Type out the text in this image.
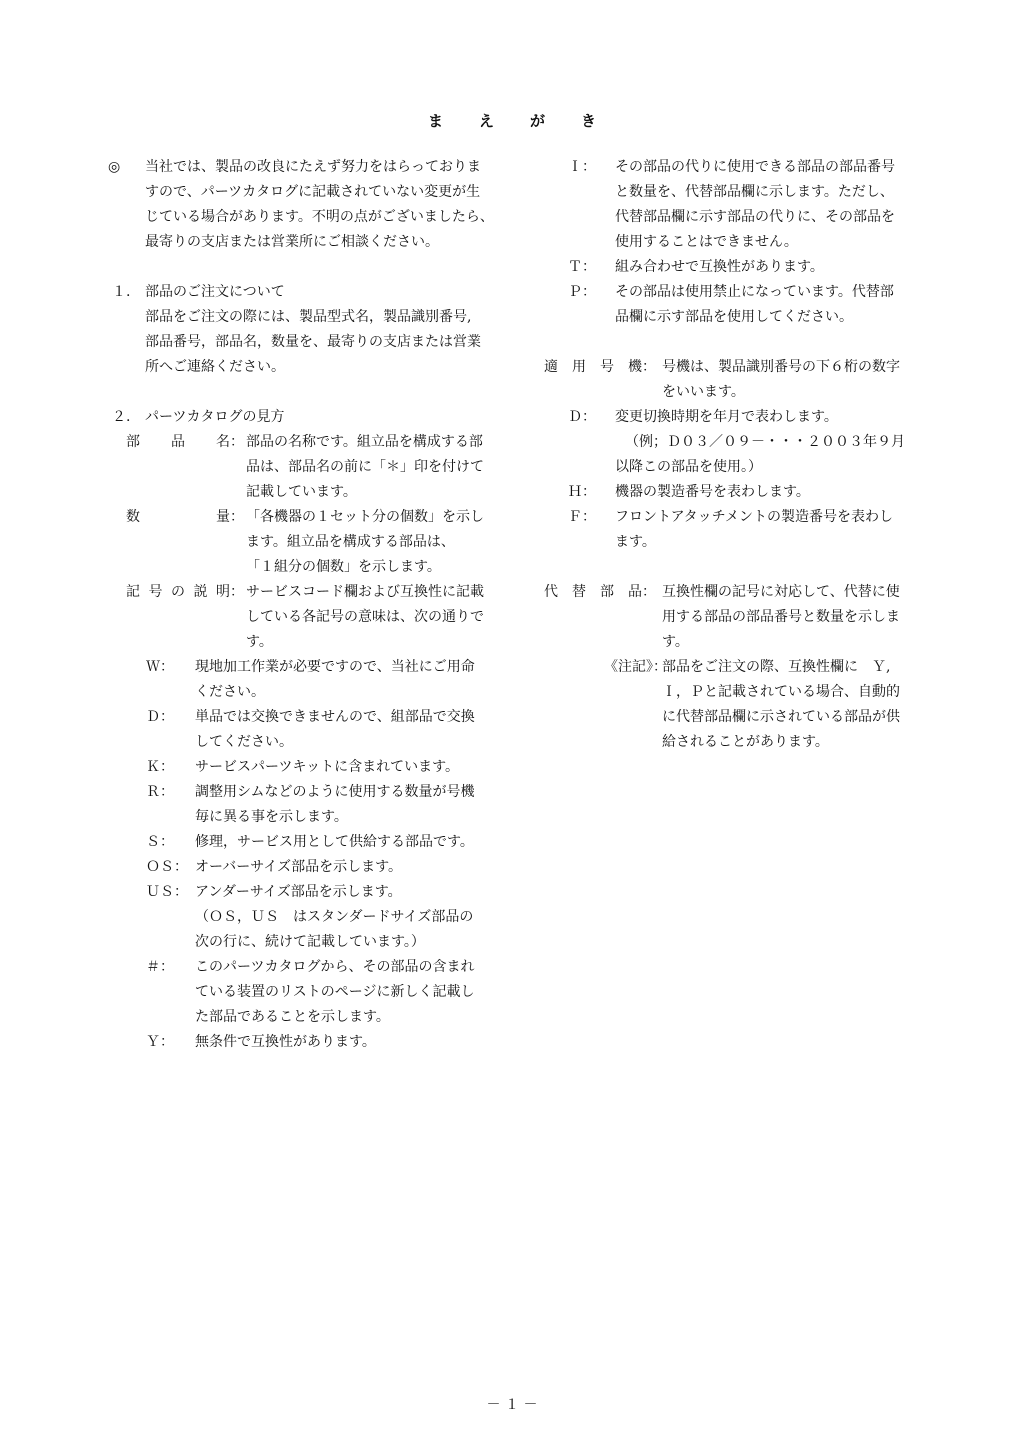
ま え が き
◎	当社では、製品の改良にたえず努力をはらっておりま
すので、パーツカタログに記載されていない変更が生
じている場合があります。不明の点がございましたら、
最寄りの支店または営業所にご相談ください。
１.	部品のご注文について
部品をご注文の際には、製品型式名，製品識別番号,
部品番号，部品名，数量を、最寄りの支店または営業
所へご連絡ください。
２.	パーツカタログの見方
部 品 名： 部品の名称です。組立品を構成する部
品は、部品名の前に「＊」印を付けて
記載しています。
数	量： 「各機器の１セット分の個数」を示し
ます。組立品を構成する部品は、
「１組分の個数」を示します。
記 号 の 説 明： サービスコード欄および互換性に記載
している各記号の意味は、次の通りで
す。
Ｗ：	現地加工作業が必要ですので、当社にご用命
ください。
Ｄ：	単品では交換できませんので、組部品で交換
してください。
Ｋ：	サービスパーツキットに含まれています。
Ｒ：	調整用シムなどのように使用する数量が号機
毎に異る事を示します。
Ｓ：	修理，サービス用として供給する部品です。
ＯＳ： オーバーサイズ部品を示します。
ＵＳ： アンダーサイズ部品を示します。
（ＯＳ，ＵＳ　はスタンダードサイズ部品の
次の行に、続けて記載しています。）
＃：	このパーツカタログから、その部品の含まれ
ている装置のリストのページに新しく記載し
た部品であることを示します。
Ｙ：	無条件で互換性があります。
Ｉ：	その部品の代りに使用できる部品の部品番号
と数量を、代替部品欄に示します。ただし、
代替部品欄に示す部品の代りに、その部品を
使用することはできません。
Ｔ：	組み合わせで互換性があります。
Ｐ：	その部品は使用禁止になっています。代替部
品欄に示す部品を使用してください。
適 用 号 機： 号機は、製品識別番号の下６桁の数字
をいいます。
Ｄ：	変更切換時期を年月で表わします。
（例；Ｄ０３／０９－・・・２００３年９月
以降この部品を使用。）
Ｈ：	機器の製造番号を表わします。
Ｆ：	フロントアタッチメントの製造番号を表わし
ます。
代 替 部 品： 互換性欄の記号に対応して、代替に使
用する部品の部品番号と数量を示しま
す。
《注記》：
部品をご注文の際、互換性欄に　Ｙ,
Ｉ，Ｐと記載されている場合、自動的
に代替部品欄に示されている部品が供
給されることがあります。
－ １ －
